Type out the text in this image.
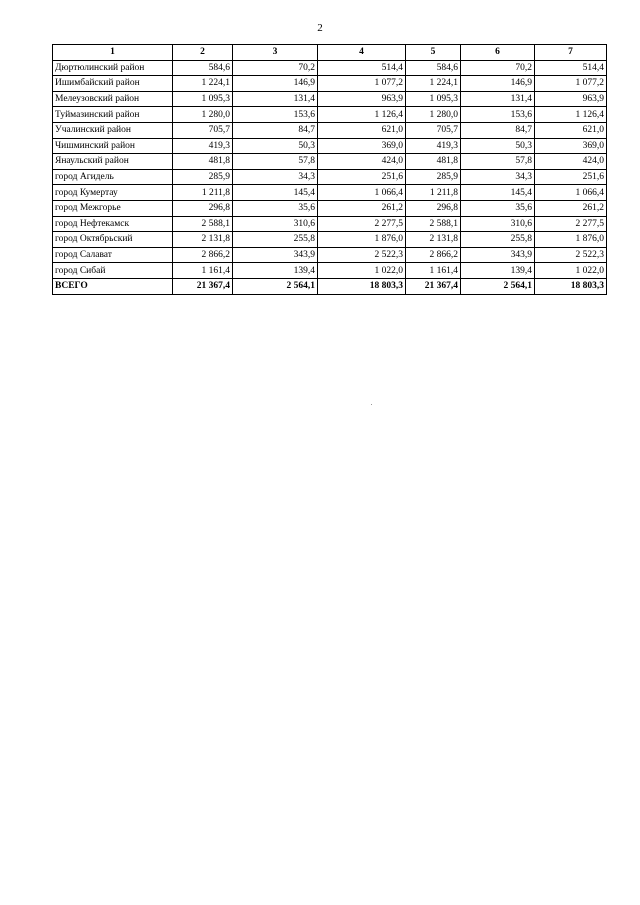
2
1	2	3	4	5	6	7
Дюртюлинский район	584,6	70,2	514,4	584,6	70,2	514,4
Ишимбайский район	1 224,1	146,9	1 077,2	1 224,1	146,9	1 077,2
Мелеузовский район	1 095,3	131,4	963,9	1 095,3	131,4	963,9
Туймазинский район	1 280,0	153,6	1 126,4	1 280,0	153,6	1 126,4
Учалинский район	705,7	84,7	621,0	705,7	84,7	621,0
Чишминский район	419,3	50,3	369,0	419,3	50,3	369,0
Янаульский район	481,8	57,8	424,0	481,8	57,8	424,0
город Агидель	285,9	34,3	251,6	285,9	34,3	251,6
город Кумертау	1 211,8	145,4	1 066,4	1 211,8	145,4	1 066,4
город Межгорье	296,8	35,6	261,2	296,8	35,6	261,2
город Нефтекамск	2 588,1	310,6	2 277,5	2 588,1	310,6	2 277,5
город Октябрьский	2 131,8	255,8	1 876,0	2 131,8	255,8	1 876,0
город Салават	2 866,2	343,9	2 522,3	2 866,2	343,9	2 522,3
город Сибай	1 161,4	139,4	1 022,0	1 161,4	139,4	1 022,0
ВСЕГО	21 367,4	2 564,1	18 803,3	21 367,4	2 564,1	18 803,3
